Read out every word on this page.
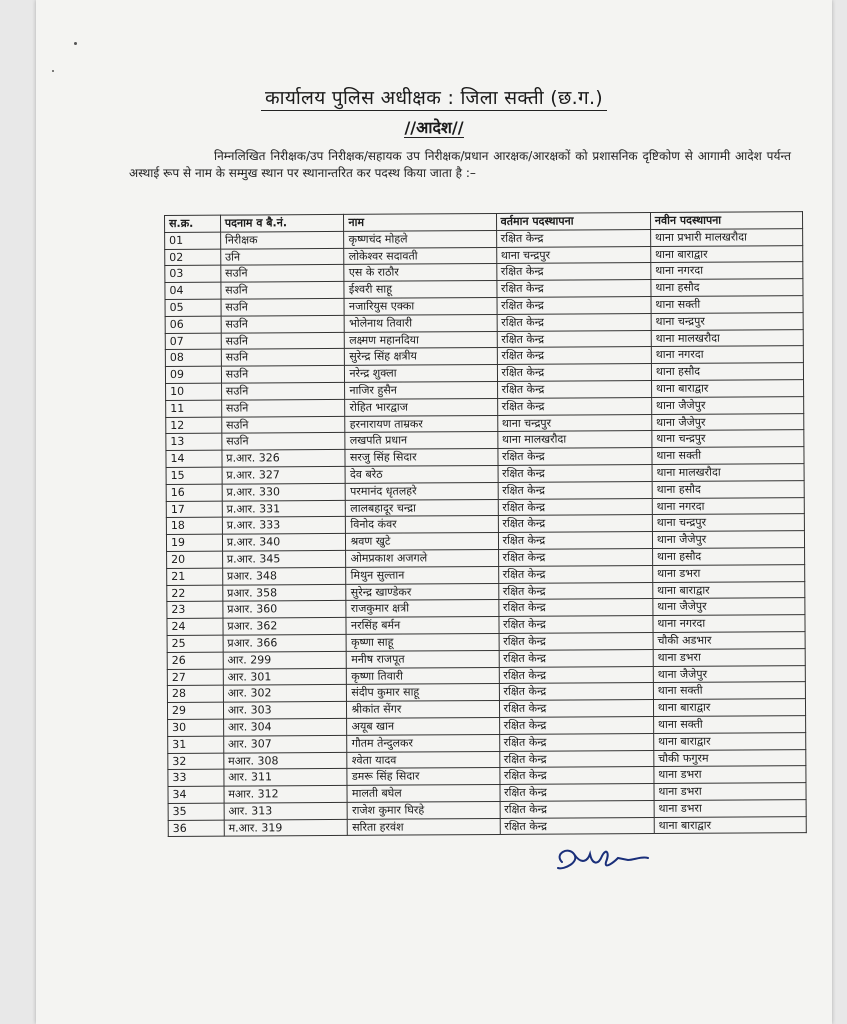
कार्यालय पुलिस अधीक्षक : जिला सक्ती (छ.ग.)
//आदेश//
निम्नलिखित निरीक्षक/उप निरीक्षक/सहायक उप निरीक्षक/प्रधान आरक्षक/आरक्षकों को प्रशासनिक दृष्टिकोण से आगामी आदेश पर्यन्त अस्थाई रूप से नाम के सम्मुख स्थान पर स्थानान्तरित कर पदस्थ किया जाता है :–
स.क्र.	पदनाम व बै.नं.	नाम	वर्तमान पदस्थापना	नवीन पदस्थापना
01	निरीक्षक	कृष्णचंद मोहले	रक्षित केन्द्र	थाना प्रभारी मालखरौदा
02	उनि	लोकेश्वर सदावती	थाना चन्द्रपुर	थाना बाराद्वार
03	सउनि	एस के राठौर	रक्षित केन्द्र	थाना नगरदा
04	सउनि	ईश्वरी साहू	रक्षित केन्द्र	थाना हसौद
05	सउनि	नजारियुस एक्का	रक्षित केन्द्र	थाना सक्ती
06	सउनि	भोलेनाथ तिवारी	रक्षित केन्द्र	थाना चन्द्रपुर
07	सउनि	लक्ष्मण महानदिया	रक्षित केन्द्र	थाना मालखरौदा
08	सउनि	सुरेन्द्र सिंह क्षत्रीय	रक्षित केन्द्र	थाना नगरदा
09	सउनि	नरेन्द्र शुक्ला	रक्षित केन्द्र	थाना हसौद
10	सउनि	नाजिर हुसैन	रक्षित केन्द्र	थाना बाराद्वार
11	सउनि	रोहित भारद्वाज	रक्षित केन्द्र	थाना जैजेपुर
12	सउनि	हरनारायण ताम्रकर	थाना चन्द्रपुर	थाना जैजेपुर
13	सउनि	लखपति प्रधान	थाना मालखरौदा	थाना चन्द्रपुर
14	प्र.आर. 326	सरजु सिंह सिदार	रक्षित केन्द्र	थाना सक्ती
15	प्र.आर. 327	देव बरेठ	रक्षित केन्द्र	थाना मालखरौदा
16	प्र.आर. 330	परमानंद धृतलहरे	रक्षित केन्द्र	थाना हसौद
17	प्र.आर. 331	लालबहादूर चन्द्रा	रक्षित केन्द्र	थाना नगरदा
18	प्र.आर. 333	विनोद कंवर	रक्षित केन्द्र	थाना चन्द्रपुर
19	प्र.आर. 340	श्रवण खुटे	रक्षित केन्द्र	थाना जैजेपुर
20	प्र.आर. 345	ओमप्रकाश अजगले	रक्षित केन्द्र	थाना हसौद
21	प्रआर. 348	मिथुन सुल्तान	रक्षित केन्द्र	थाना डभरा
22	प्रआर. 358	सुरेन्द्र खाण्डेकर	रक्षित केन्द्र	थाना बाराद्वार
23	प्रआर. 360	राजकुमार क्षत्री	रक्षित केन्द्र	थाना जैजेपुर
24	प्रआर. 362	नरसिंह बर्मन	रक्षित केन्द्र	थाना नगरदा
25	प्रआर. 366	कृष्णा साहू	रक्षित केन्द्र	चौकी अडभार
26	आर. 299	मनीष राजपूत	रक्षित केन्द्र	थाना डभरा
27	आर. 301	कृष्णा तिवारी	रक्षित केन्द्र	थाना जैजेपुर
28	आर. 302	संदीप कुमार साहू	रक्षित केन्द्र	थाना सक्ती
29	आर. 303	श्रीकांत सेंगर	रक्षित केन्द्र	थाना बाराद्वार
30	आर. 304	अयूब खान	रक्षित केन्द्र	थाना सक्ती
31	आर. 307	गौतम तेन्दुलकर	रक्षित केन्द्र	थाना बाराद्वार
32	मआर. 308	श्वेता यादव	रक्षित केन्द्र	चौकी फगुरम
33	आर. 311	डमरू सिंह सिदार	रक्षित केन्द्र	थाना डभरा
34	मआर. 312	मालती बघेल	रक्षित केन्द्र	थाना डभरा
35	आर. 313	राजेश कुमार घिरहे	रक्षित केन्द्र	थाना डभरा
36	म.आर. 319	सरिता हरवंश	रक्षित केन्द्र	थाना बाराद्वार
